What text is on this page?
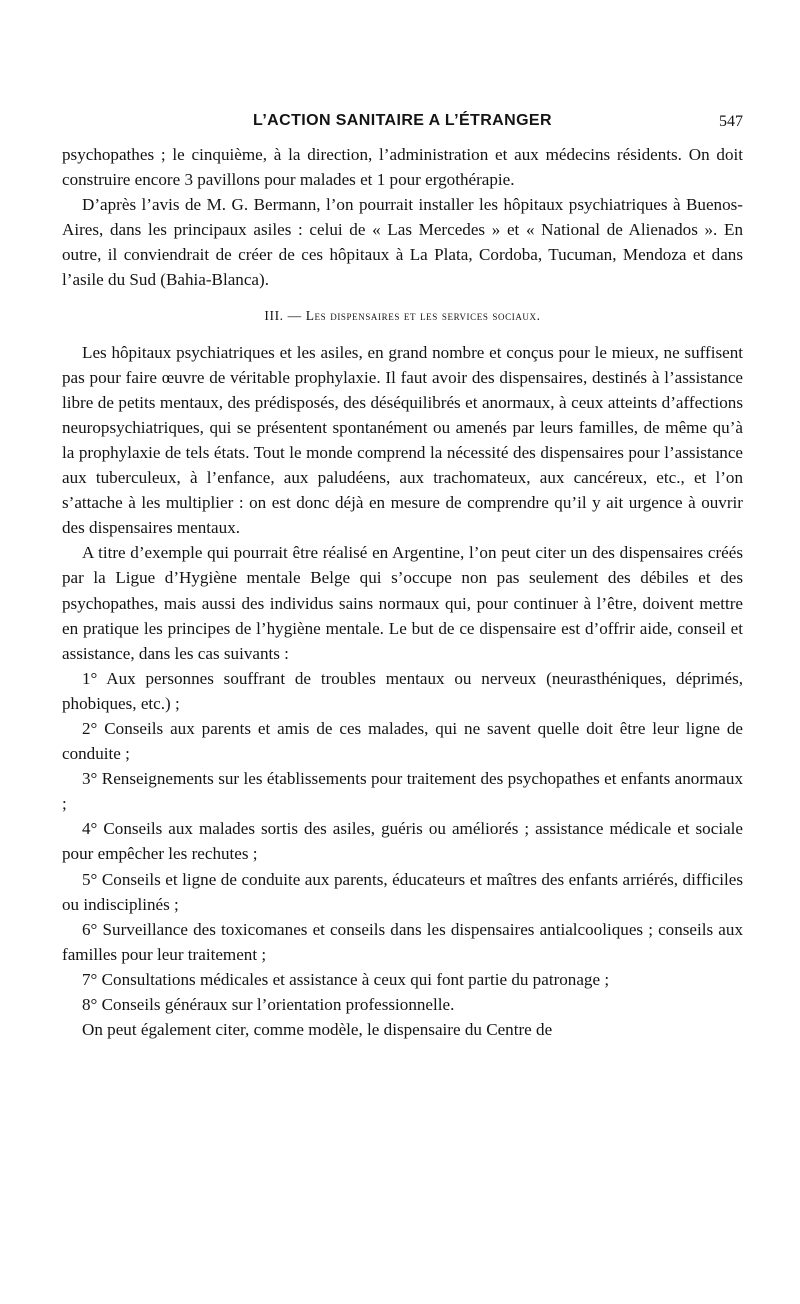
L’ACTION SANITAIRE A L’ÉTRANGER	547

psychopathes ; le cinquième, à la direction, l’administration et aux médecins résidents. On doit construire encore 3 pavillons pour malades et 1 pour ergothérapie.

D’après l’avis de M. G. Bermann, l’on pourrait installer les hôpitaux psychiatriques à Buenos-Aires, dans les principaux asiles : celui de « Las Mercedes » et « National de Alienados ». En outre, il conviendrait de créer de ces hôpitaux à La Plata, Cordoba, Tucuman, Mendoza et dans l’asile du Sud (Bahia-Blanca).

III. — Les dispensaires et les services sociaux.

Les hôpitaux psychiatriques et les asiles, en grand nombre et conçus pour le mieux, ne suffisent pas pour faire œuvre de véritable prophylaxie. Il faut avoir des dispensaires, destinés à l’assistance libre de petits mentaux, des prédisposés, des déséquilibrés et anormaux, à ceux atteints d’affections neuropsychiatriques, qui se présentent spontanément ou amenés par leurs familles, de même qu’à la prophylaxie de tels états. Tout le monde comprend la nécessité des dispensaires pour l’assistance aux tuberculeux, à l’enfance, aux paludéens, aux trachomateux, aux cancéreux, etc., et l’on s’attache à les multiplier : on est donc déjà en mesure de comprendre qu’il y ait urgence à ouvrir des dispensaires mentaux.

A titre d’exemple qui pourrait être réalisé en Argentine, l’on peut citer un des dispensaires créés par la Ligue d’Hygiène mentale Belge qui s’occupe non pas seulement des débiles et des psychopathes, mais aussi des individus sains normaux qui, pour continuer à l’être, doivent mettre en pratique les principes de l’hygiène mentale. Le but de ce dispensaire est d’offrir aide, conseil et assistance, dans les cas suivants :

1° Aux personnes souffrant de troubles mentaux ou nerveux (neurasthéniques, déprimés, phobiques, etc.) ;

2° Conseils aux parents et amis de ces malades, qui ne savent quelle doit être leur ligne de conduite ;

3° Renseignements sur les établissements pour traitement des psychopathes et enfants anormaux ;

4° Conseils aux malades sortis des asiles, guéris ou améliorés ; assistance médicale et sociale pour empêcher les rechutes ;

5° Conseils et ligne de conduite aux parents, éducateurs et maîtres des enfants arriérés, difficiles ou indisciplinés ;

6° Surveillance des toxicomanes et conseils dans les dispensaires antialcooliques ; conseils aux familles pour leur traitement ;

7° Consultations médicales et assistance à ceux qui font partie du patronage ;

8° Conseils généraux sur l’orientation professionnelle.

On peut également citer, comme modèle, le dispensaire du Centre de
